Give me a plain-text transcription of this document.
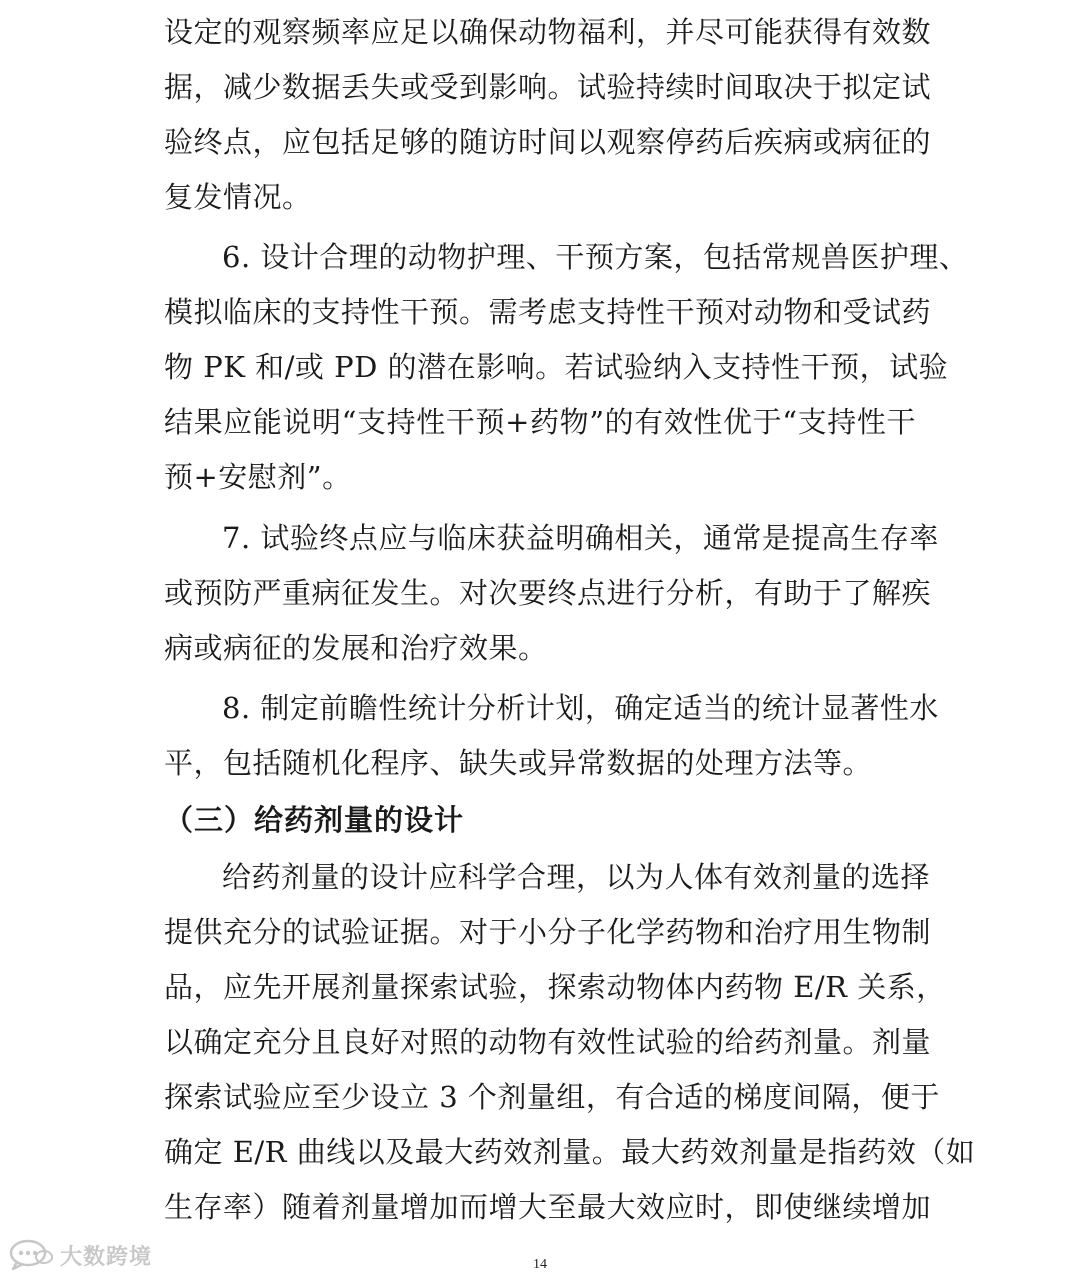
设定的观察频率应足以确保动物福利，并尽可能获得有效数
据，减少数据丢失或受到影响。试验持续时间取决于拟定试
验终点，应包括足够的随访时间以观察停药后疾病或病征的
复发情况。
6. 设计合理的动物护理、干预方案，包括常规兽医护理、
模拟临床的支持性干预。需考虑支持性干预对动物和受试药
物 PK 和/或 PD 的潜在影响。若试验纳入支持性干预，试验
结果应能说明“支持性干预+药物”的有效性优于“支持性干
预+安慰剂”。
7. 试验终点应与临床获益明确相关，通常是提高生存率
或预防严重病征发生。对次要终点进行分析，有助于了解疾
病或病征的发展和治疗效果。
8. 制定前瞻性统计分析计划，确定适当的统计显著性水
平，包括随机化程序、缺失或异常数据的处理方法等。
（三）给药剂量的设计
给药剂量的设计应科学合理，以为人体有效剂量的选择
提供充分的试验证据。对于小分子化学药物和治疗用生物制
品，应先开展剂量探索试验，探索动物体内药物 E/R 关系，
以确定充分且良好对照的动物有效性试验的给药剂量。剂量
探索试验应至少设立 3 个剂量组，有合适的梯度间隔，便于
确定 E/R 曲线以及最大药效剂量。最大药效剂量是指药效（如
生存率）随着剂量增加而增大至最大效应时，即使继续增加
大数跨境	14
